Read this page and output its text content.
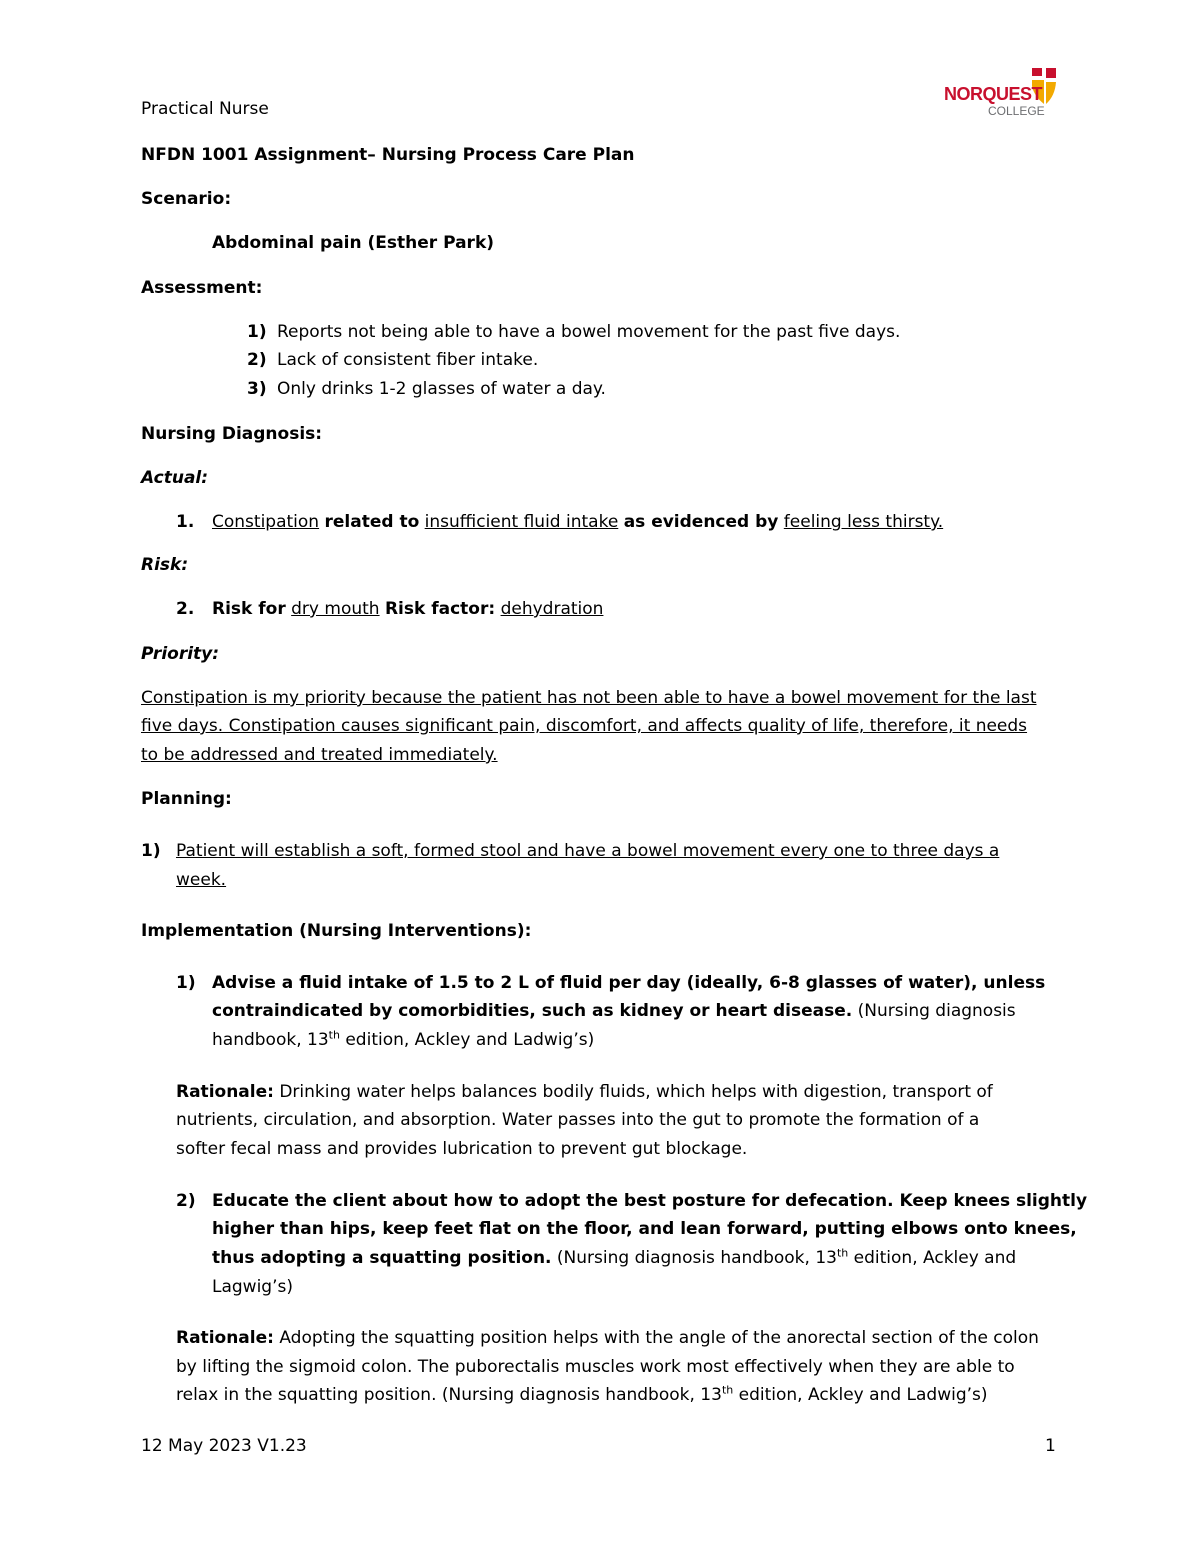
Practical Nurse
NORQUEST
COLLEGE
NFDN 1001 Assignment– Nursing Process Care Plan
Scenario:
Abdominal pain (Esther Park)
Assessment:
1) Reports not being able to have a bowel movement for the past five days.
2) Lack of consistent fiber intake.
3) Only drinks 1-2 glasses of water a day.
Nursing Diagnosis:
Actual:
1. Constipation related to insufficient fluid intake as evidenced by feeling less thirsty.
Risk:
2. Risk for dry mouth Risk factor: dehydration
Priority:
Constipation is my priority because the patient has not been able to have a bowel movement for the last
five days. Constipation causes significant pain, discomfort, and affects quality of life, therefore, it needs
to be addressed and treated immediately.
Planning:
1) Patient will establish a soft, formed stool and have a bowel movement every one to three days a
week.
Implementation (Nursing Interventions):
1) Advise a fluid intake of 1.5 to 2 L of fluid per day (ideally, 6-8 glasses of water), unless
contraindicated by comorbidities, such as kidney or heart disease. (Nursing diagnosis
handbook, 13th edition, Ackley and Ladwig’s)
Rationale: Drinking water helps balances bodily fluids, which helps with digestion, transport of
nutrients, circulation, and absorption. Water passes into the gut to promote the formation of a
softer fecal mass and provides lubrication to prevent gut blockage.
2) Educate the client about how to adopt the best posture for defecation. Keep knees slightly
higher than hips, keep feet flat on the floor, and lean forward, putting elbows onto knees,
thus adopting a squatting position. (Nursing diagnosis handbook, 13th edition, Ackley and
Lagwig’s)
Rationale: Adopting the squatting position helps with the angle of the anorectal section of the colon
by lifting the sigmoid colon. The puborectalis muscles work most effectively when they are able to
relax in the squatting position. (Nursing diagnosis handbook, 13th edition, Ackley and Ladwig’s)
12 May 2023 V1.23	1
